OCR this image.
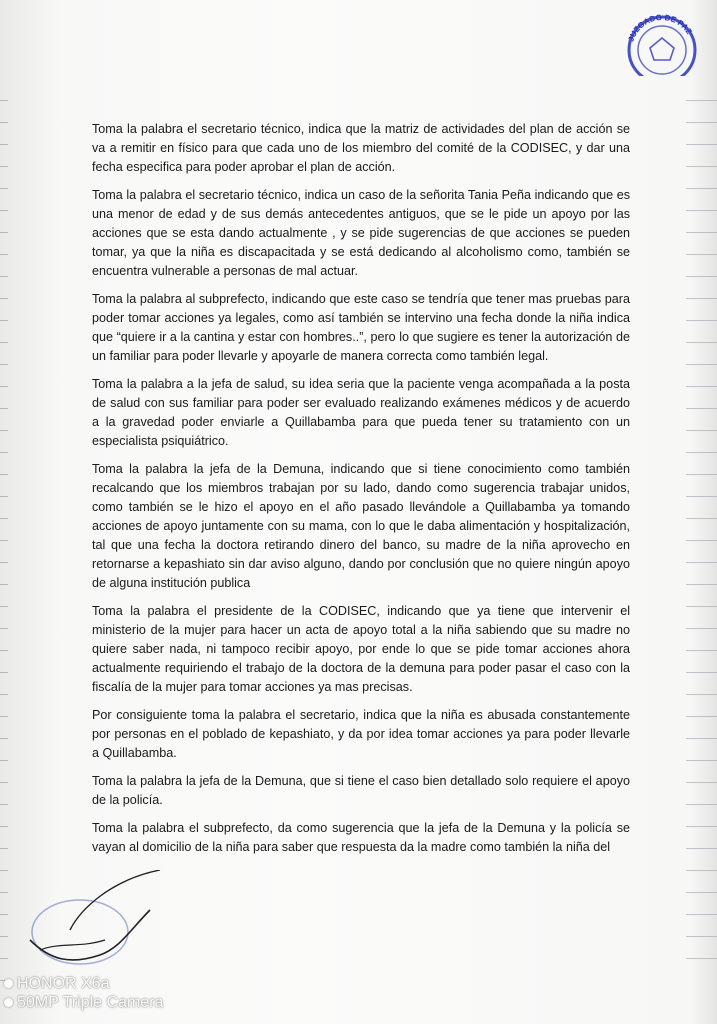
JUZGADO DE PAZ

Toma la palabra el secretario técnico, indica que la matriz de actividades del plan de acción se va a remitir en físico para que cada uno de los miembro del comité de la CODISEC, y dar una fecha especifica para poder aprobar el plan de acción.

Toma la palabra el secretario técnico, indica un caso de la señorita Tania Peña indicando que es una menor de edad y de sus demás antecedentes antiguos, que se le pide un apoyo por las acciones que se esta dando actualmente , y se pide sugerencias de que acciones se pueden tomar, ya que la niña es discapacitada y se está dedicando al alcoholismo como, también se encuentra vulnerable a personas de mal actuar.

Toma la palabra al subprefecto, indicando que este caso se tendría que tener mas pruebas para poder tomar acciones ya legales, como así también se intervino una fecha donde la niña indica que “quiere ir a la cantina y estar con hombres..”, pero lo que sugiere es tener la autorización de un familiar para poder llevarle y apoyarle de manera correcta como también legal.

Toma la palabra a la jefa de salud, su idea seria que la paciente venga acompañada a la posta de salud con sus familiar para poder ser evaluado realizando exámenes médicos y de acuerdo a la gravedad poder enviarle a Quillabamba para que pueda tener su tratamiento con un especialista psiquiátrico.

Toma la palabra la jefa de la Demuna, indicando que si tiene conocimiento como también recalcando que los miembros trabajan por su lado, dando como sugerencia trabajar unidos, como también se le hizo el apoyo en el año pasado llevándole a Quillabamba ya tomando acciones de apoyo juntamente con su mama, con lo que le daba alimentación y hospitalización, tal que una fecha la doctora retirando dinero del banco, su madre de la niña aprovecho en retornarse a kepashiato sin dar aviso alguno, dando por conclusión que no quiere ningún apoyo de alguna institución publica

Toma la palabra el presidente de la CODISEC, indicando que ya tiene que intervenir el ministerio de la mujer para hacer un acta de apoyo total a la niña sabiendo que su madre no quiere saber nada, ni tampoco recibir apoyo, por ende lo que se pide tomar acciones ahora actualmente requiriendo el trabajo de la doctora de la demuna para poder pasar el caso con la fiscalía de la mujer para tomar acciones ya mas precisas.

Por consiguiente toma la palabra el secretario, indica que la niña es abusada constantemente por personas en el poblado de kepashiato, y da por idea tomar acciones ya para poder llevarle a Quillabamba.

Toma la palabra la jefa de la Demuna, que si tiene el caso bien detallado solo requiere el apoyo de la policía.

Toma la palabra el subprefecto, da como sugerencia que la jefa de la Demuna y la policía se vayan al domicilio de la niña para saber que respuesta da la madre como también la niña del

HONOR X6a
50MP Triple Camera
